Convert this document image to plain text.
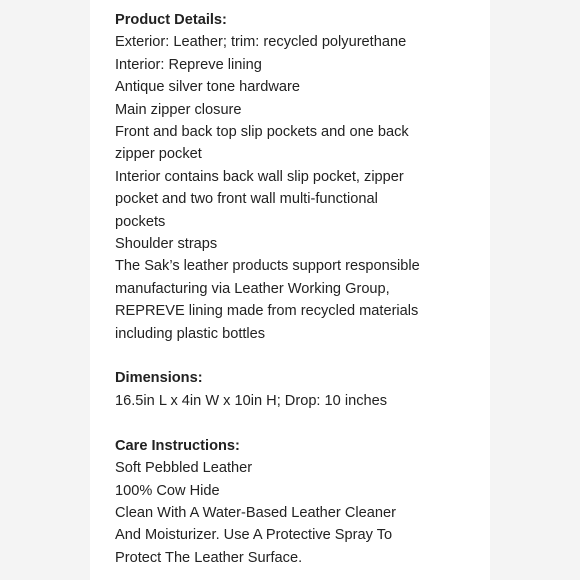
Product Details:

Exterior: Leather; trim: recycled polyurethane

Interior: Repreve lining

Antique silver tone hardware

Main zipper closure

Front and back top slip pockets and one back

zipper pocket

Interior contains back wall slip pocket, zipper

pocket and two front wall multi-functional

pockets

Shoulder straps

The Sak’s leather products support responsible

manufacturing via Leather Working Group,

REPREVE lining made from recycled materials

including plastic bottles

Dimensions:

16.5in L x 4in W x 10in H; Drop: 10 inches

Care Instructions:

Soft Pebbled Leather

100% Cow Hide

Clean With A Water-Based Leather Cleaner

And Moisturizer. Use A Protective Spray To

Protect The Leather Surface.
